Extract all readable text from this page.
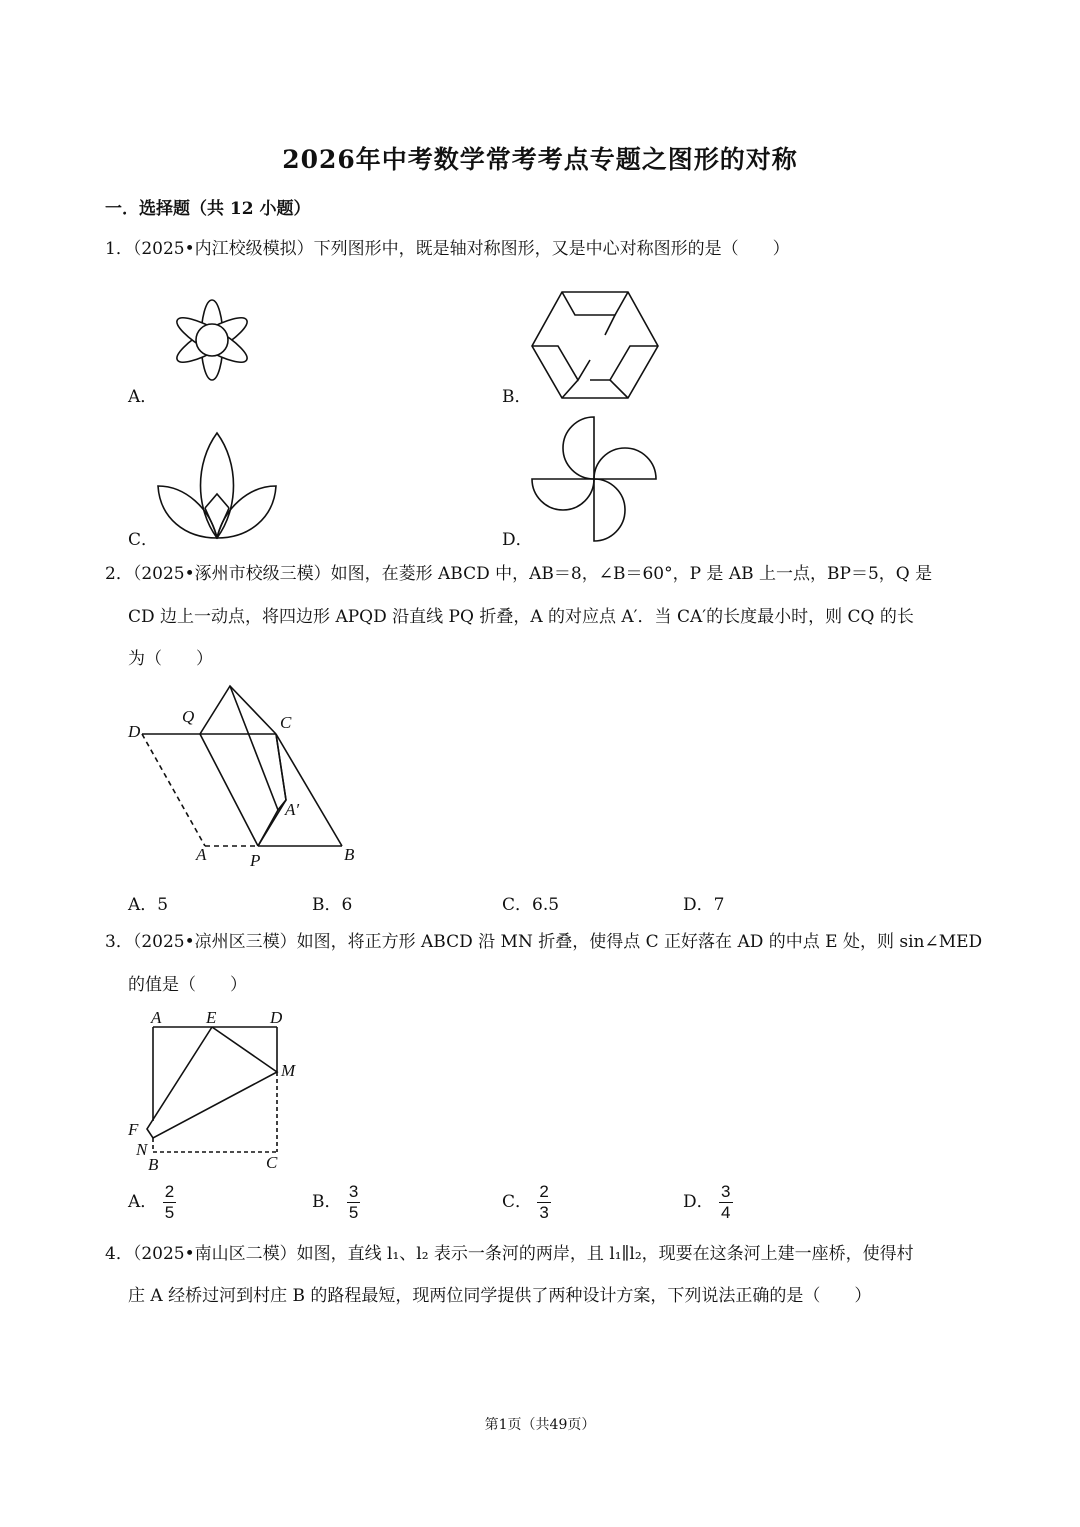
2026年中考数学常考考点专题之图形的对称
一．选择题（共 12 小题）
1．（2025•内江校级模拟）下列图形中，既是轴对称图形，又是中心对称图形的是（　　）
A．	B．
C．	D．
2．（2025•涿州市校级三模）如图，在菱形 ABCD 中，AB＝8，∠B＝60°，P 是 AB 上一点，BP＝5，Q 是
CD 边上一动点，将四边形 APQD 沿直线 PQ 折叠，A 的对应点 A′．当 CA′的长度最小时，则 CQ 的长
为（　　）
D
Q	C
A′
A	P	B
A．5	B．6	C．6.5	D．7
3．（2025•凉州区三模）如图，将正方形 ABCD 沿 MN 折叠，使得点 C 正好落在 AD 的中点 E 处，则 sin∠MED
的值是（　　）
A	E	D
M
F
N
B	C
A． $\frac{2}{5}$	B． $\frac{3}{5}$	C． $\frac{2}{3}$	D． $\frac{3}{4}$
4．（2025•南山区二模）如图，直线 l₁、l₂ 表示一条河的两岸，且 l₁∥l₂，现要在这条河上建一座桥，使得村
庄 A 经桥过河到村庄 B 的路程最短，现两位同学提供了两种设计方案，下列说法正确的是（　　）
第1页（共49页）
